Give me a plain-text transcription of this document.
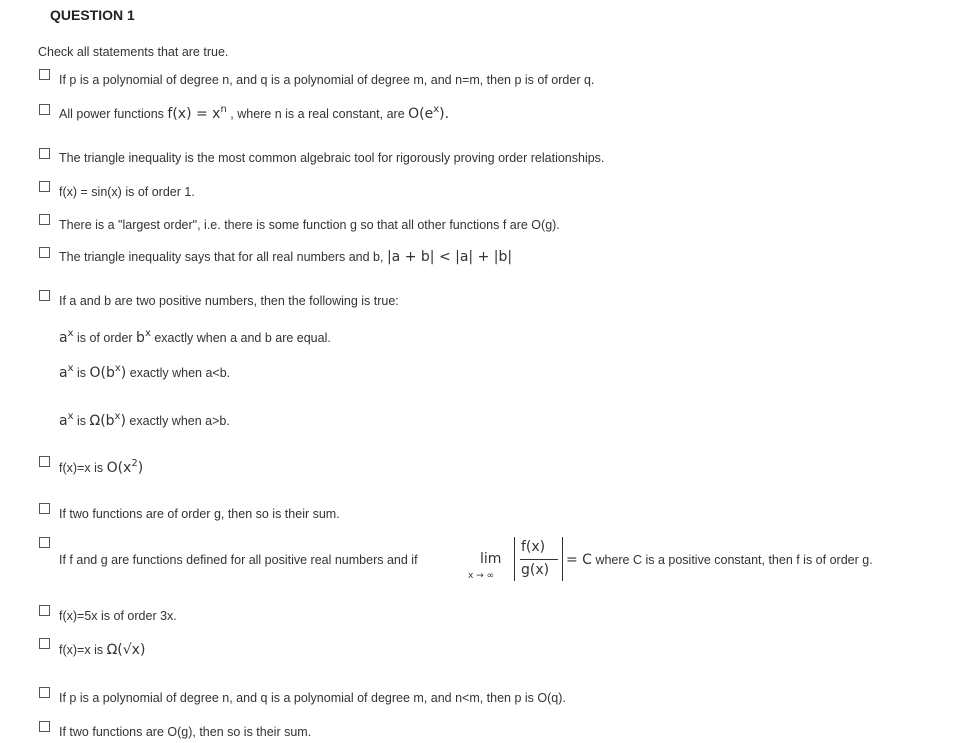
QUESTION 1
Check all statements that are true.
If p is a polynomial of degree n, and q is a polynomial of degree m, and n=m, then p is of order q.
All power functions $f(x) = x^n$ , where n is a real constant, are $O(e^x)$.
The triangle inequality is the most common algebraic tool for rigorously proving order relationships.
f(x) = sin(x) is of order 1.
There is a "largest order", i.e. there is some function g so that all other functions f are O(g).
The triangle inequality says that for all real numbers and b, |a + b| < |a| + |b|
If a and b are two positive numbers, then the following is true:
$a^x$ is of order $b^x$ exactly when a and b are equal.
$a^x$ is $O(b^x)$ exactly when a<b.
$a^x$ is $\Omega(b^x)$ exactly when a>b.
f(x)=x is $O(x^2)$
If two functions are of order g, then so is their sum.
If f and g are functions defined for all positive real numbers and if	lim
x → ∞
f(x)
g(x)
= C where C is a positive constant, then f is of order g.
f(x)=5x is of order 3x.
f(x)=x is Ω(√x)
If p is a polynomial of degree n, and q is a polynomial of degree m, and n<m, then p is O(q).
If two functions are O(g), then so is their sum.
